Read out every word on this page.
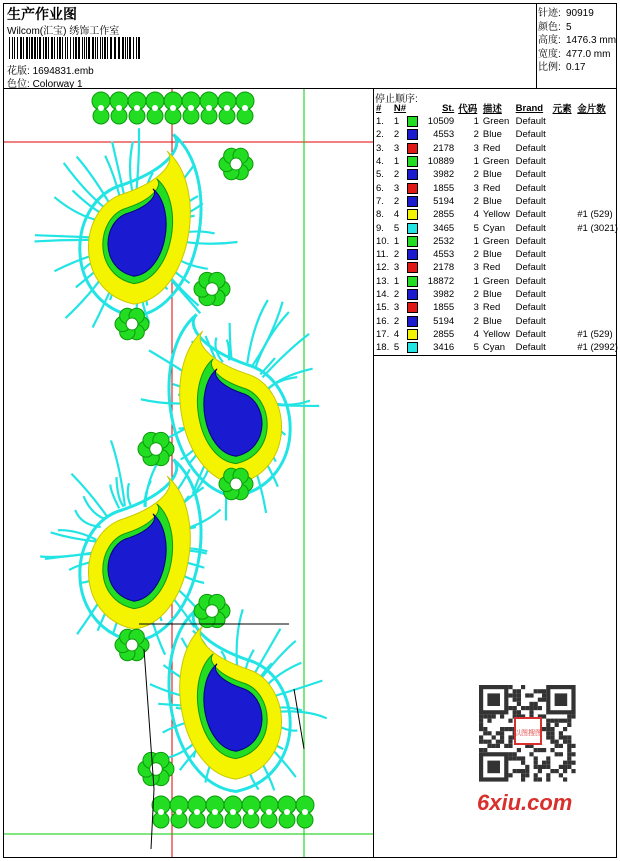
生产作业图
Wilcom(汇宝) 绣饰工作室
花版: 1694831.emb
色位: Colorway 1
针迹: 90919
颜色: 5
高度: 1476.3 mm
宽度: 477.0 mm
比例: 0.17
停止顺序:
#	N#	St.	代码	描述	Brand	元素	金片数
1.	1	10509	1	Green	Default		
2.	2	4553	2	Blue	Default		
3.	3	2178	3	Red	Default		
4.	1	10889	1	Green	Default		
5.	2	3982	2	Blue	Default		
6.	3	1855	3	Red	Default		
7.	2	5194	2	Blue	Default		
8.	4	2855	4	Yellow	Default		#1 (529)
9.	5	3465	5	Cyan	Default		#1 (3021)
10.	1	2532	1	Green	Default		
11.	2	4553	2	Blue	Default		
12.	3	2178	3	Red	Default		
13.	1	18872	1	Green	Default		
14.	2	3982	2	Blue	Default		
15.	3	1855	3	Red	Default		
16.	2	5194	2	Blue	Default		
17.	4	2855	4	Yellow	Default		#1 (529)
18.	5	3416	5	Cyan	Default		#1 (2992)
以图搜图
6xiu.com
